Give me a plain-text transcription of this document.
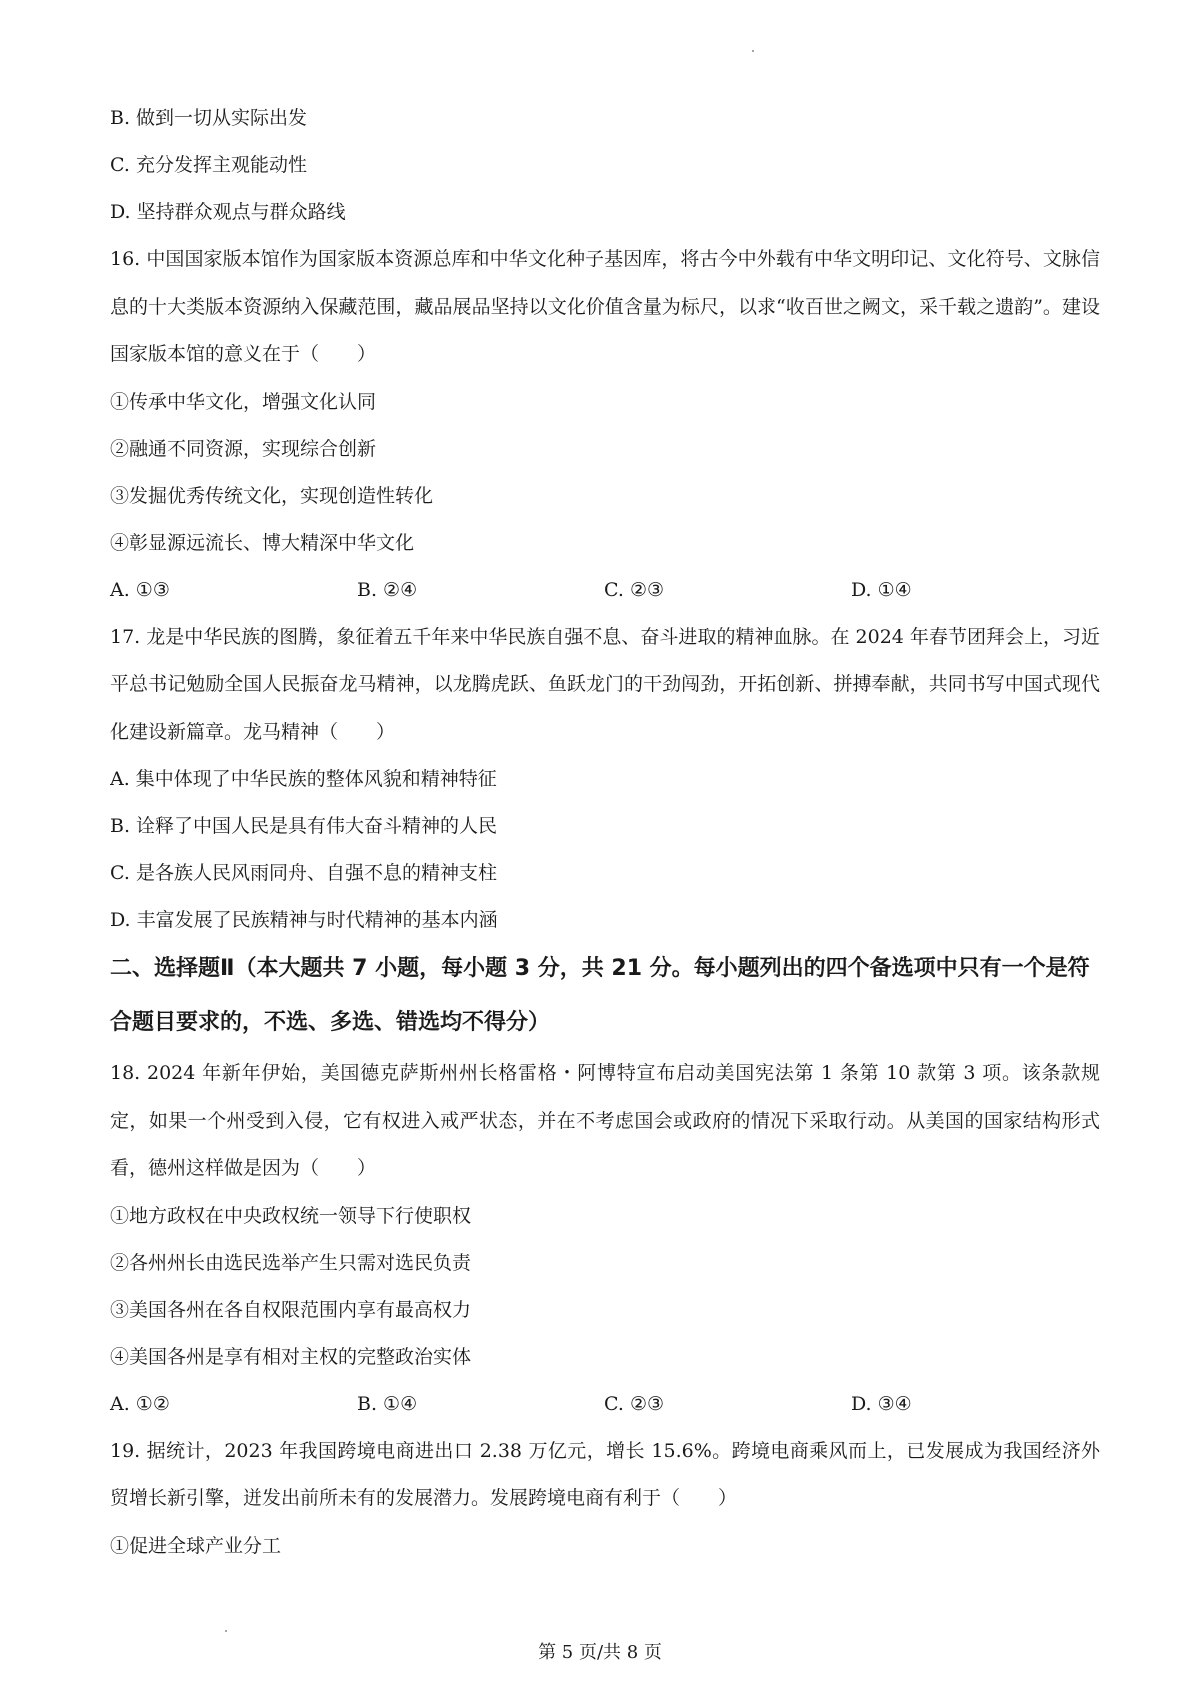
B. 做到一切从实际出发
C. 充分发挥主观能动性
D. 坚持群众观点与群众路线
16. 中国国家版本馆作为国家版本资源总库和中华文化种子基因库，将古今中外载有中华文明印记、文化符号、文脉信息的十大类版本资源纳入保藏范围，藏品展品坚持以文化价值含量为标尺，以求“收百世之阙文，采千载之遗韵”。建设国家版本馆的意义在于（　　）
①传承中华文化，增强文化认同
②融通不同资源，实现综合创新
③发掘优秀传统文化，实现创造性转化
④彰显源远流长、博大精深中华文化
A. ①③	B. ②④	C. ②③	D. ①④
17. 龙是中华民族的图腾，象征着五千年来中华民族自强不息、奋斗进取的精神血脉。在 2024 年春节团拜会上，习近平总书记勉励全国人民振奋龙马精神，以龙腾虎跃、鱼跃龙门的干劲闯劲，开拓创新、拼搏奉献，共同书写中国式现代化建设新篇章。龙马精神（　　）
A. 集中体现了中华民族的整体风貌和精神特征
B. 诠释了中国人民是具有伟大奋斗精神的人民
C. 是各族人民风雨同舟、自强不息的精神支柱
D. 丰富发展了民族精神与时代精神的基本内涵
二、选择题Ⅱ（本大题共 7 小题，每小题 3 分，共 21 分。每小题列出的四个备选项中只有一个是符合题目要求的，不选、多选、错选均不得分）
18. 2024 年新年伊始，美国德克萨斯州州长格雷格・阿博特宣布启动美国宪法第 1 条第 10 款第 3 项。该条款规定，如果一个州受到入侵，它有权进入戒严状态，并在不考虑国会或政府的情况下采取行动。从美国的国家结构形式看，德州这样做是因为（　　）
①地方政权在中央政权统一领导下行使职权
②各州州长由选民选举产生只需对选民负责
③美国各州在各自权限范围内享有最高权力
④美国各州是享有相对主权的完整政治实体
A. ①②	B. ①④	C. ②③	D. ③④
19. 据统计，2023 年我国跨境电商进出口 2.38 万亿元，增长 15.6%。跨境电商乘风而上，已发展成为我国经济外贸增长新引擎，迸发出前所未有的发展潜力。发展跨境电商有利于（　　）
①促进全球产业分工
第 5 页/共 8 页
